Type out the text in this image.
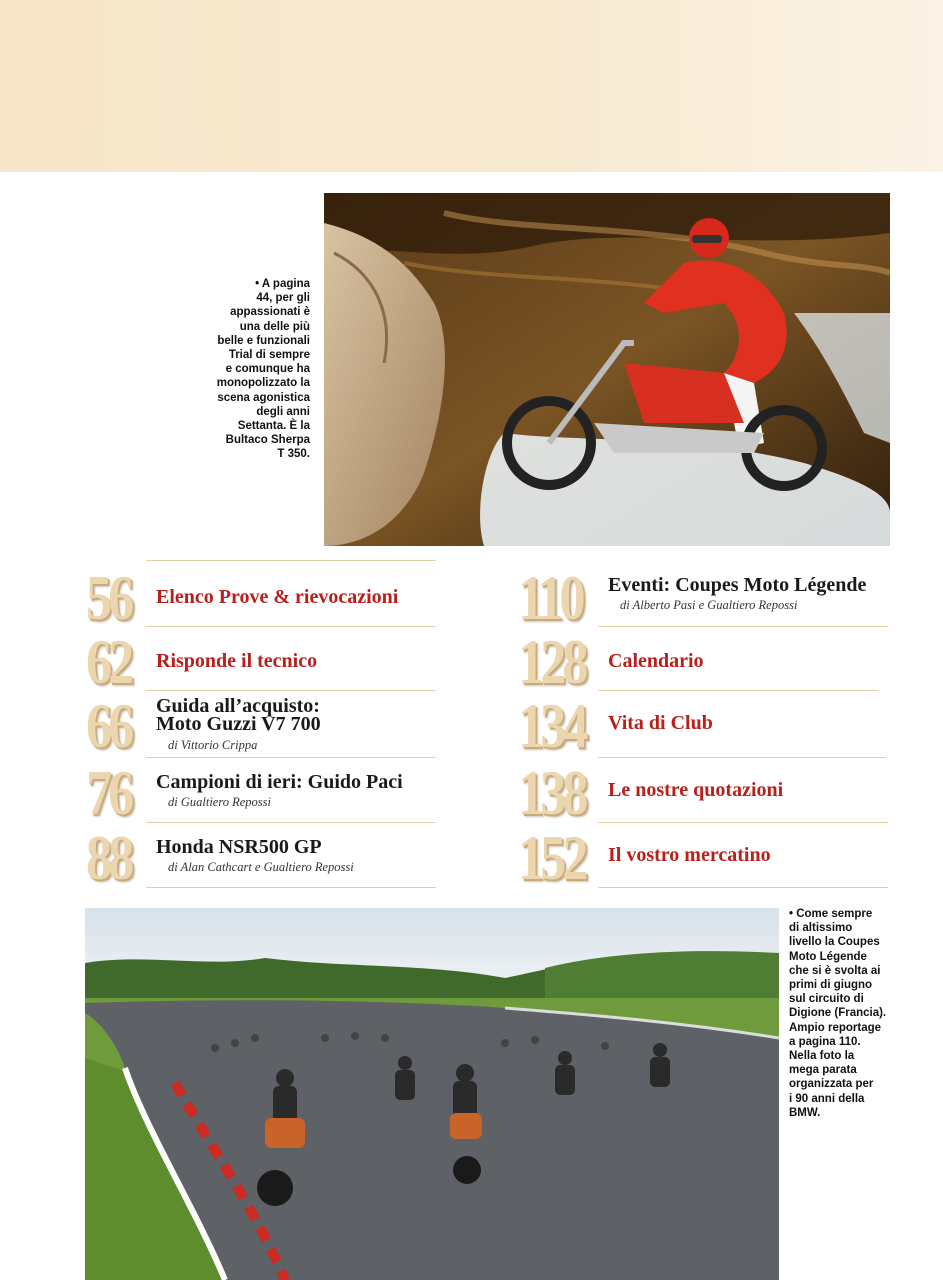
• A pagina
44, per gli
appassionati è
una delle più
belle e funzionali
Trial di sempre
e comunque ha
monopolizzato la
scena agonistica
degli anni
Settanta. È la
Bultaco Sherpa
T 350.
56 Elenco Prove & rievocazioni
62 Risponde il tecnico
66 Guida all’acquisto:
Moto Guzzi V7 700
di Vittorio Crippa
76 Campioni di ieri: Guido Paci
di Gualtiero Repossi
88 Honda NSR500 GP
di Alan Cathcart e Gualtiero Repossi
110 Eventi: Coupes Moto Légende
di Alberto Pasi e Gualtiero Repossi
128 Calendario
134 Vita di Club
138 Le nostre quotazioni
152 Il vostro mercatino
• Come sempre
di altissimo
livello la Coupes
Moto Légende
che si è svolta ai
primi di giugno
sul circuito di
Digione (Francia).
Ampio reportage
a pagina 110.
Nella foto la
mega parata
organizzata per
i 90 anni della
BMW.
